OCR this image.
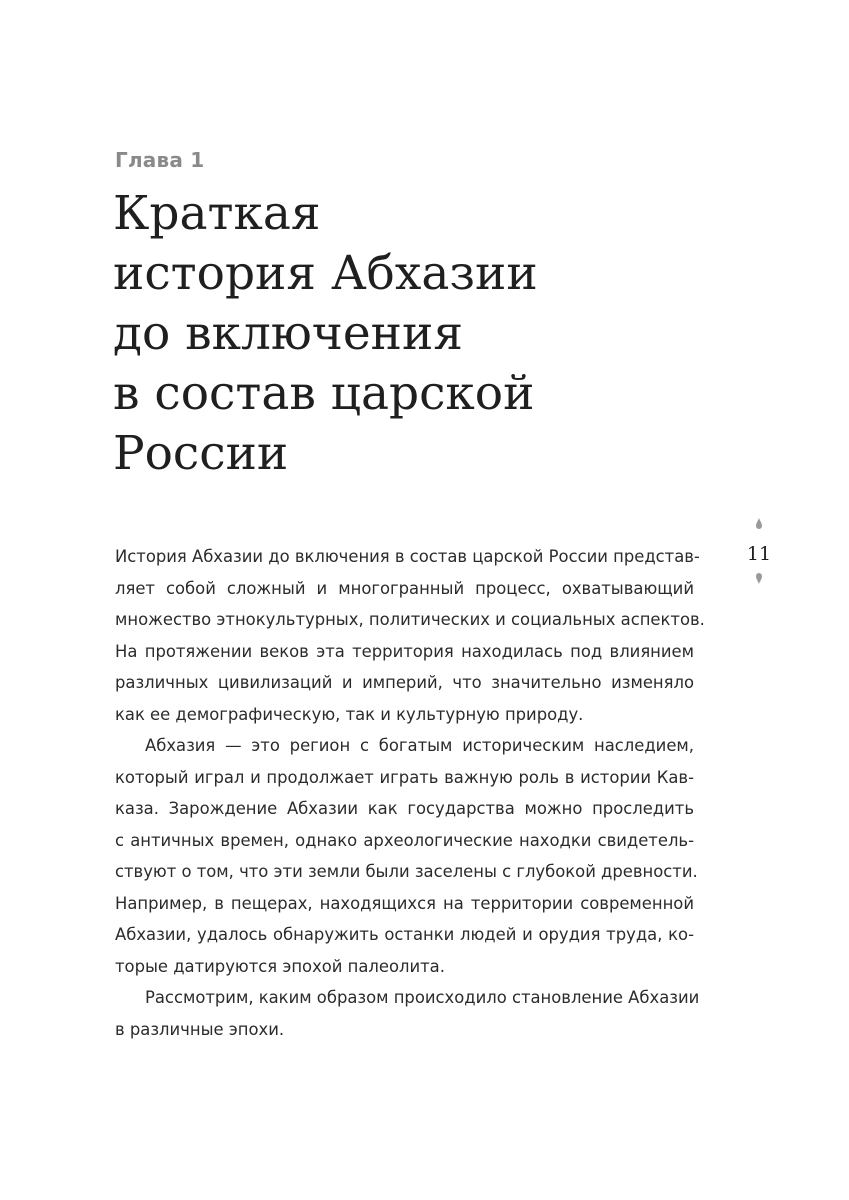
Глава 1
Краткая
история Абхазии
до включения
в состав царской
России
История Абхазии до включения в состав царской России представ-
ляет собой сложный и многогранный процесс, охватывающий
множество этнокультурных, политических и социальных аспектов.
На протяжении веков эта территория находилась под влиянием
различных цивилизаций и империй, что значительно изменяло
как ее демографическую, так и культурную природу.
Абхазия — это регион с богатым историческим наследием,
который играл и продолжает играть важную роль в истории Кав-
каза. Зарождение Абхазии как государства можно проследить
с античных времен, однако археологические находки свидетель-
ствуют о том, что эти земли были заселены с глубокой древности.
Например, в пещерах, находящихся на территории современной
Абхазии, удалось обнаружить останки людей и орудия труда, ко-
торые датируются эпохой палеолита.
Рассмотрим, каким образом происходило становление Абхазии
в различные эпохи.
11
